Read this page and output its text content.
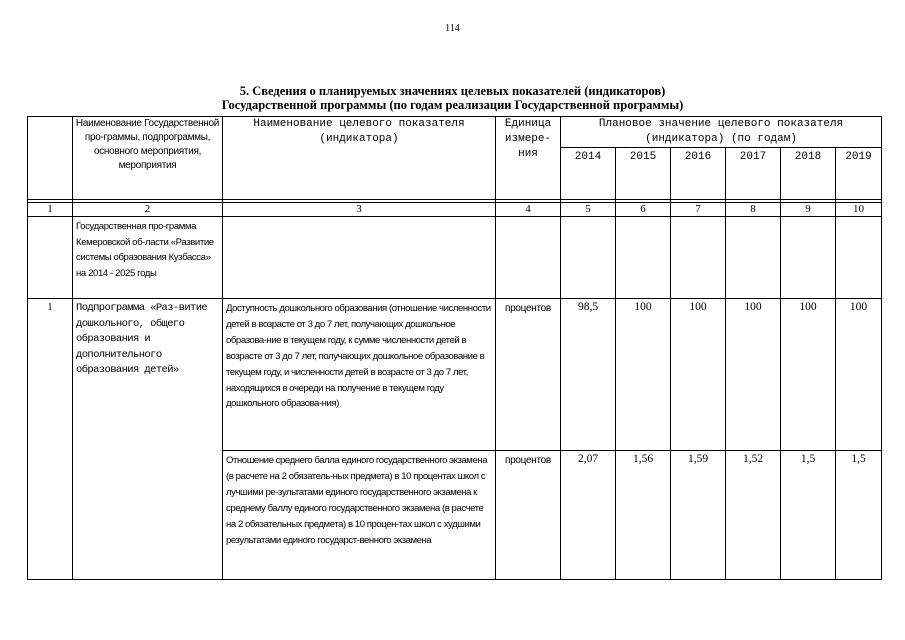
114
5. Сведения о планируемых значениях целевых показателей (индикаторов)
Государственной программы (по годам реализации Государственной программы)
	Наименование Государственной про-граммы, подпрограммы, основного мероприятия, мероприятия	Наименование целевого показателя (индикатора)	Единица измере-ния	Плановое значение целевого показателя (индикатора) (по годам)					
				2014	2015	2016	2017	2018	2019

1	2	3	4	5	6	7	8	9	10
	Государственная про-грамма Кемеровской об-ласти «Развитие системы образования Кузбасса» на 2014 - 2025 годы								
1	Подпрограмма «Раз-витие дошкольного, общего образования и дополнительного образования детей»	Доступность дошкольного образования (отношение численности детей в возрасте от 3 до 7 лет, получающих дошкольное образова-ние в текущем году, к сумме численности детей в возрасте от 3 до 7 лет, получающих дошкольное образование в текущем году, и численности детей в возрасте от 3 до 7 лет, находящихся в очереди на получение в текущем году дошкольного образова-ния)	процентов	98,5	100	100	100	100	100
		Отношение среднего балла единого государственного экзамена (в расчете на 2 обязатель-ных предмета) в 10 процентах школ с лучшими ре-зультатами единого государственного экзамена к среднему баллу единого государственного экзамена (в расчете на 2 обязательных предмета) в 10 процен-тах школ с худшими результатами единого государст-венного экзамена	процентов	2,07	1,56	1,59	1,52	1,5	1,5
